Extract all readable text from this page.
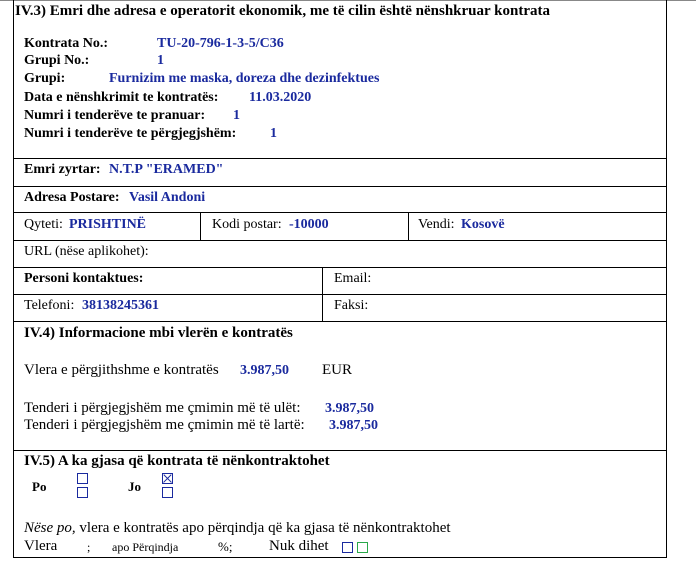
IV.3) Emri dhe adresa e operatorit ekonomik, me të cilin është nënshkruar kontrata
Kontrata No.:	TU-20-796-1-3-5/C36
Grupi No.:	1
Grupi:	Furnizim me maska, doreza dhe dezinfektues
Data e nënshkrimit te kontratës: 11.03.2020
Numri i tenderëve te pranuar: 1
Numri i tenderëve te përgjegjshëm: 1
Emri zyrtar: N.T.P "ERAMED"
Adresa Postare: Vasil Andoni
Qyteti: PRISHTINË	Kodi postar: -10000	Vendi: Kosovë
URL (nëse aplikohet):
Personi kontaktues:	Email:
Telefoni: 38138245361	Faksi:
IV.4) Informacione mbi vlerën e kontratës
Vlera e përgjithshme e kontratës 3.987,50 EUR
Tenderi i përgjegjshëm me çmimin më të ulët: 3.987,50
Tenderi i përgjegjshëm me çmimin më të lartë: 3.987,50
IV.5) A ka gjasa që kontrata të nënkontraktohet
Po	Jo
Nëse po, vlera e kontratës apo përqindja që ka gjasa të nënkontraktohet
Vlera ; apo Përqindja	%; Nuk dihet
